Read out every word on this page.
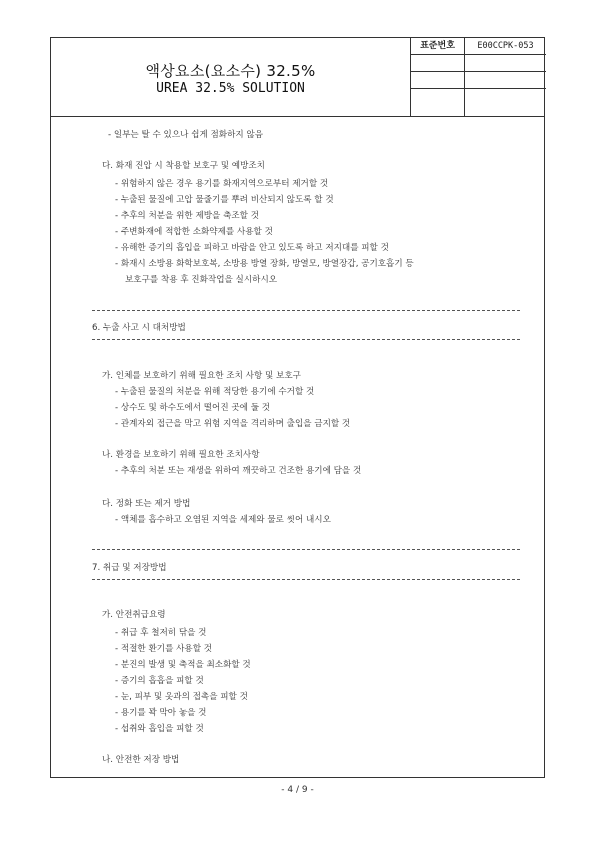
액상요소(요소수) 32.5%
UREA 32.5% SOLUTION
표준번호	E00CCPK-053
- 일부는 탈 수 있으나 쉽게 점화하지 않음
다. 화재 진압 시 착용할 보호구 및 예방조치
- 위험하지 않은 경우 용기를 화재지역으로부터 제거할 것
- 누출된 물질에 고압 물줄기를 뿌려 비산되지 않도록 할 것
- 추후의 처분을 위한 제방을 축조할 것
- 주변화재에 적합한 소화약제를 사용할 것
- 유해한 증기의 흡입을 피하고 바람을 안고 있도록 하고 저지대를 피할 것
- 화재시 소방용 화학보호복, 소방용 방열 장화, 방열모, 방열장갑, 공기호흡기 등
보호구를 착용 후 진화작업을 실시하시오
6. 누출 사고 시 대처방법
가. 인체를 보호하기 위해 필요한 조치 사항 및 보호구
- 누출된 물질의 처분을 위해 적당한 용기에 수거할 것
- 상수도 및 하수도에서 떨어진 곳에 둘 것
- 관계자외 접근을 막고 위험 지역을 격리하며 출입을 금지할 것
나. 환경을 보호하기 위해 필요한 조치사항
- 추후의 처분 또는 재생을 위하여 깨끗하고 건조한 용기에 담을 것
다. 정화 또는 제거 방법
- 액체를 흡수하고 오염된 지역을 세제와 물로 씻어 내시오
7. 취급 및 저장방법
가. 안전취급요령
- 취급 후 철저히 닦을 것
- 적절한 환기를 사용할 것
- 분진의 발생 및 축적을 최소화할 것
- 증기의 흡흡을 피할 것
- 눈, 피부 및 옷과의 접촉을 피할 것
- 용기를 꽉 막아 놓을 것
- 섭취와 흡입을 피할 것
나. 안전한 저장 방법
- 4 / 9 -
